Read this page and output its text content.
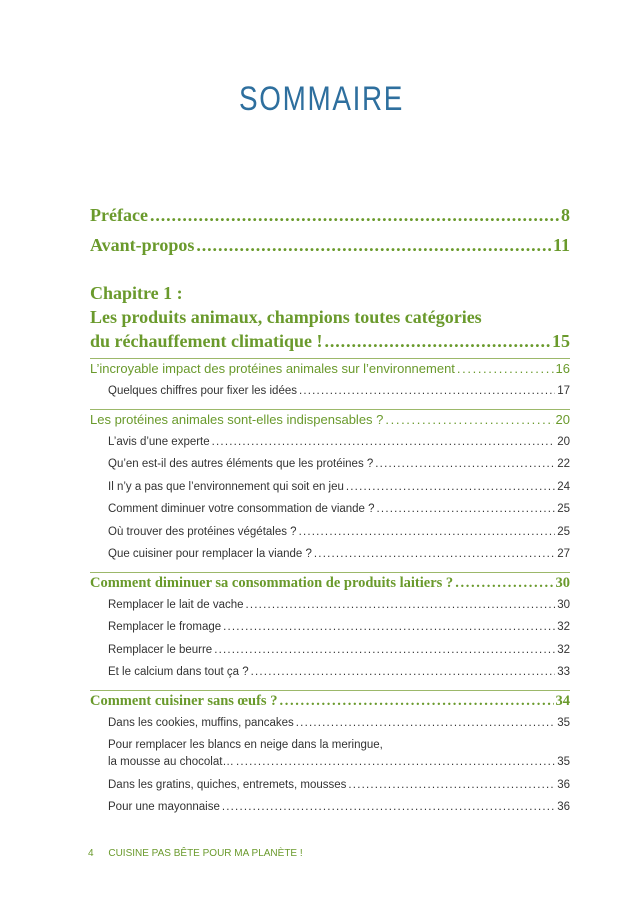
SOMMAIRE
Préface . . .	8
Avant-propos . . .	11
Chapitre 1 :
Les produits animaux, champions toutes catégories
du réchauffement climatique ! . . .	15
L’incroyable impact des protéines animales sur l’environnement . . .	16
Quelques chiffres pour fixer les idées . . .	17
Les protéines animales sont-elles indispensables ? . . .	20
L’avis d’une experte . . .	20
Qu’en est-il des autres éléments que les protéines ? . . .	22
Il n’y a pas que l’environnement qui soit en jeu . . .	24
Comment diminuer votre consommation de viande ? . . .	25
Où trouver des protéines végétales ? . . .	25
Que cuisiner pour remplacer la viande ? . . .	27
Comment diminuer sa consommation de produits laitiers ? . . .	30
Remplacer le lait de vache . . .	30
Remplacer le fromage . . .	32
Remplacer le beurre . . .	32
Et le calcium dans tout ça ? . . .	33
Comment cuisiner sans œufs ? . . .	34
Dans les cookies, muffins, pancakes . . .	35
Pour remplacer les blancs en neige dans la meringue,
la mousse au chocolat… . . .	35
Dans les gratins, quiches, entremets, mousses . . .	36
Pour une mayonnaise . . .	36
4 CUISINE PAS BÊTE POUR MA PLANÈTE !
